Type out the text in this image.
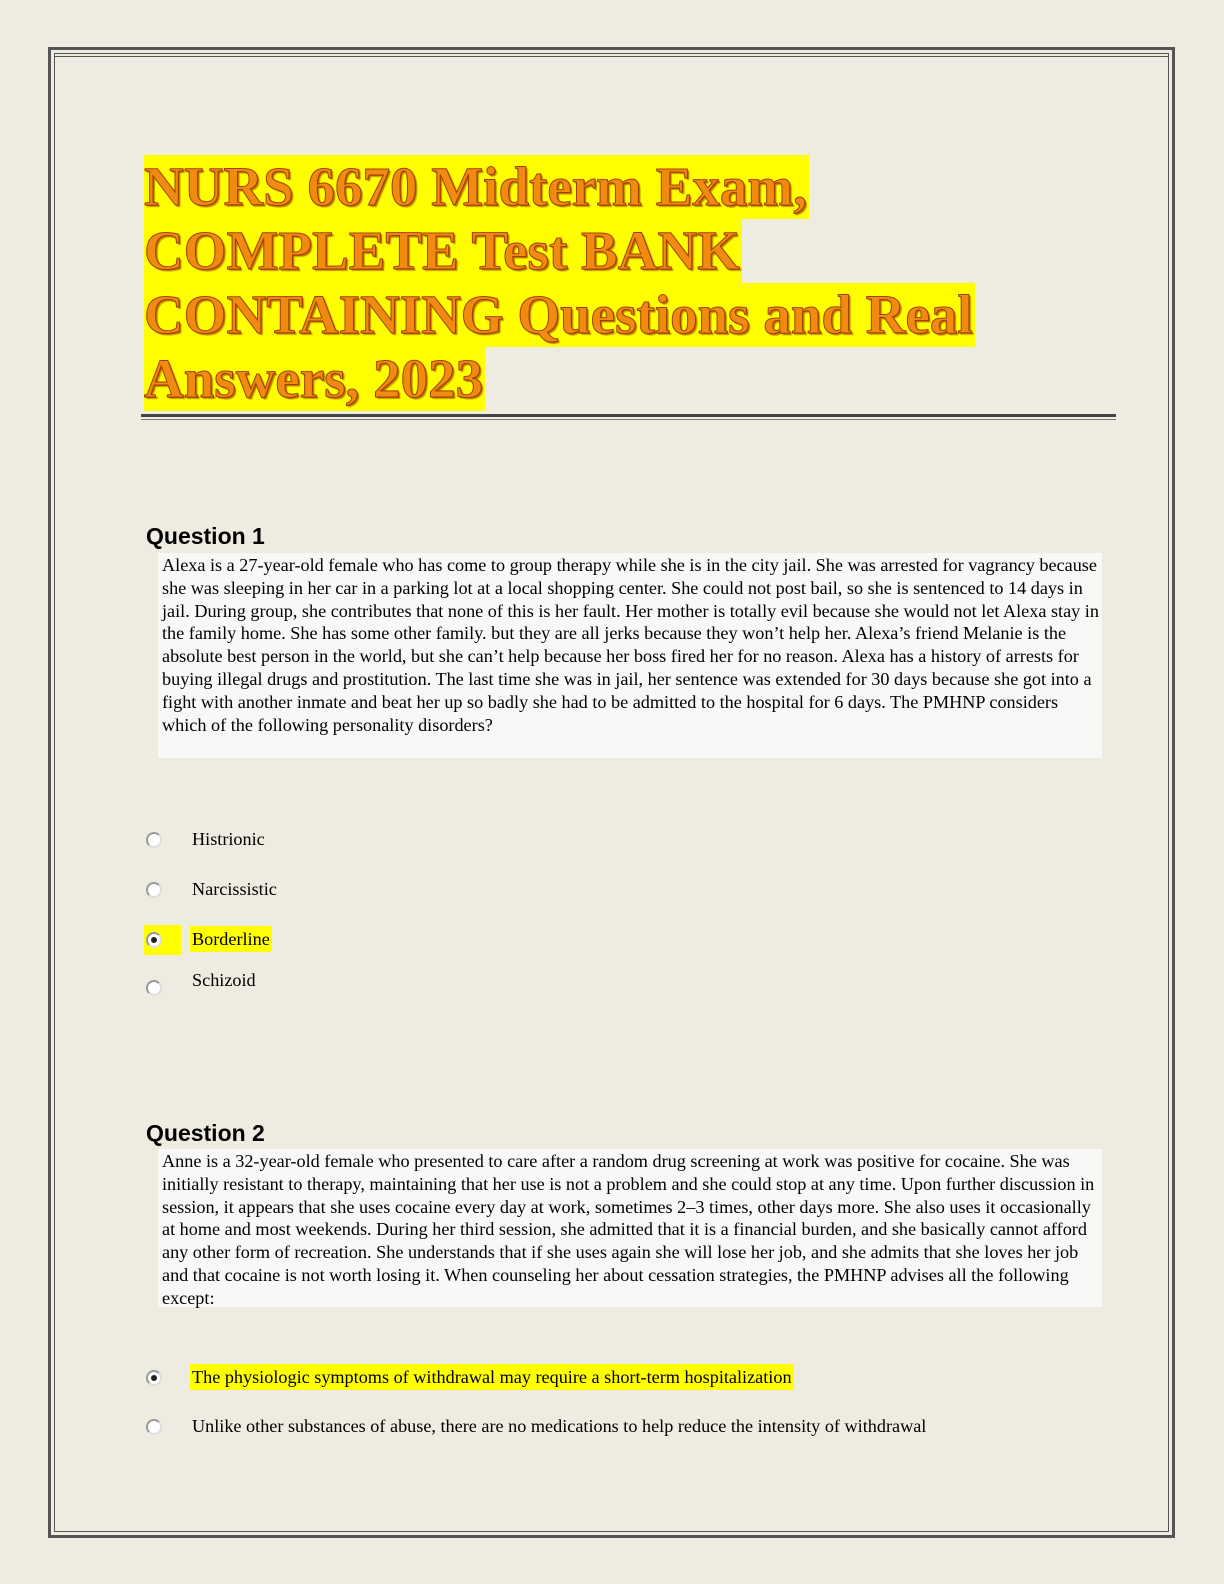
NURS 6670 Midterm Exam,
COMPLETE Test BANK
CONTAINING Questions and Real
Answers, 2023
Question 1

Alexa is a 27-year-old female who has come to group therapy while she is in the city jail. She was arrested for vagrancy because she was sleeping in her car in a parking lot at a local shopping center. She could not post bail, so she is sentenced to 14 days in jail. During group, she contributes that none of this is her fault. Her mother is totally evil because she would not let Alexa stay in the family home. She has some other family. but they are all jerks because they won’t help her. Alexa’s friend Melanie is the absolute best person in the world, but she can’t help because her boss fired her for no reason. Alexa has a history of arrests for buying illegal drugs and prostitution. The last time she was in jail, her sentence was extended for 30 days because she got into a fight with another inmate and beat her up so badly she had to be admitted to the hospital for 6 days. The PMHNP considers which of the following personality disorders?

Histrionic
Narcissistic
Borderline
Schizoid
Question 2

Anne is a 32-year-old female who presented to care after a random drug screening at work was positive for cocaine. She was initially resistant to therapy, maintaining that her use is not a problem and she could stop at any time. Upon further discussion in session, it appears that she uses cocaine every day at work, sometimes 2–3 times, other days more. She also uses it occasionally at home and most weekends. During her third session, she admitted that it is a financial burden, and she basically cannot afford any other form of recreation. She understands that if she uses again she will lose her job, and she admits that she loves her job and that cocaine is not worth losing it. When counseling her about cessation strategies, the PMHNP advises all the following except:

The physiologic symptoms of withdrawal may require a short-term hospitalization
Unlike other substances of abuse, there are no medications to help reduce the intensity of withdrawal
